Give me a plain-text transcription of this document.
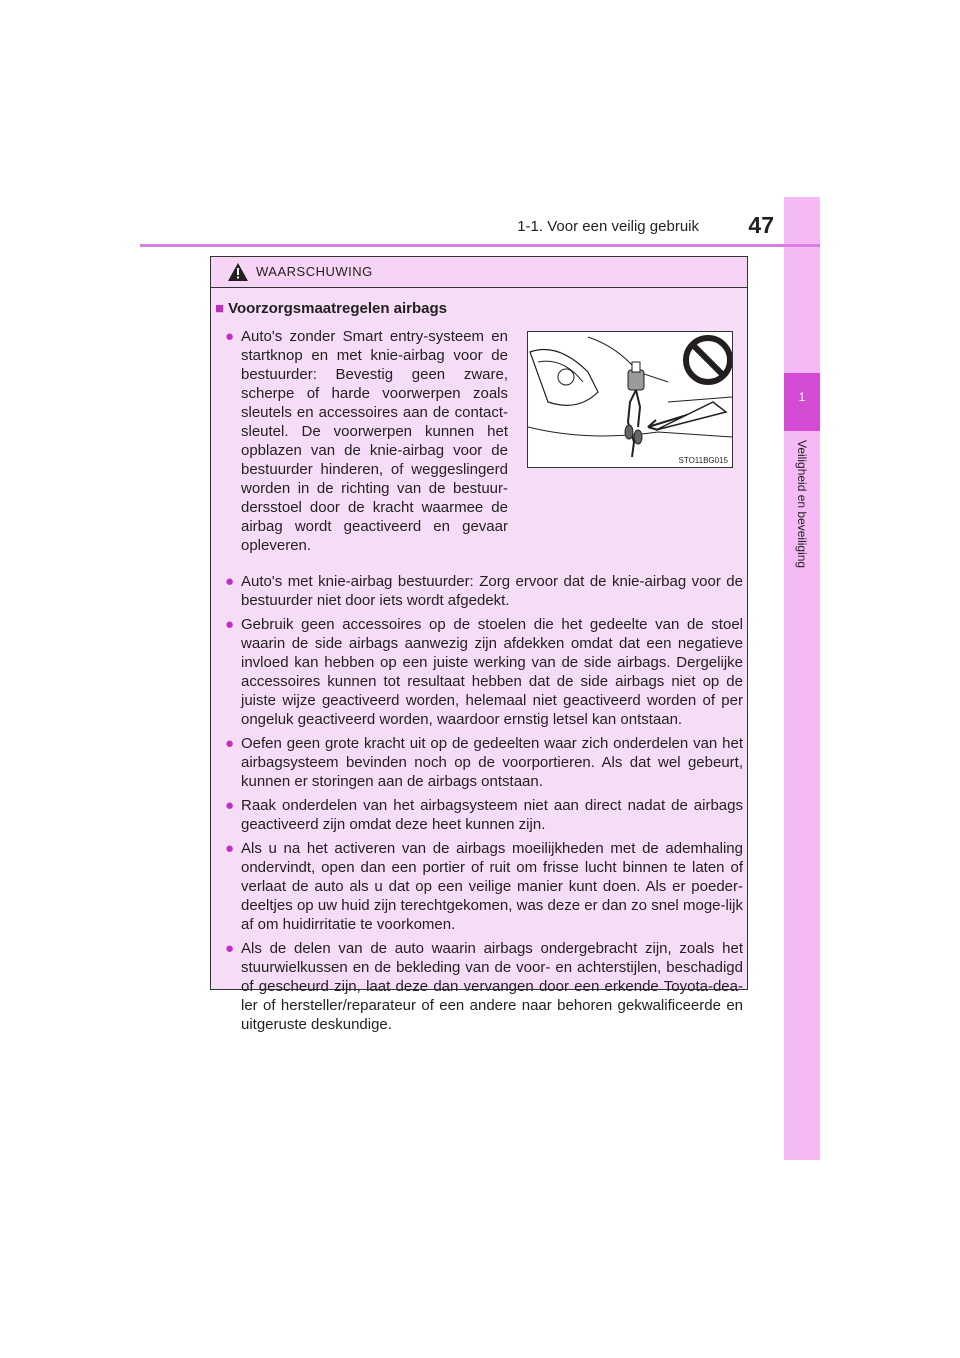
1
Veiligheid en beveiliging
1-1. Voor een veilig gebruik	47
WAARSCHUWING
■ Voorzorgsmaatregelen airbags
● Auto's zonder Smart entry-systeem en startknop en met knie-airbag voor de bestuurder: Bevestig geen zware, scherpe of harde voorwerpen zoals sleutels en accessoires aan de contact-sleutel. De voorwerpen kunnen het opblazen van de knie-airbag voor de bestuurder hinderen, of weggeslingerd worden in de richting van de bestuur-dersstoel door de kracht waarmee de airbag wordt geactiveerd en gevaar opleveren.
STO11BG015
● Auto's met knie-airbag bestuurder: Zorg ervoor dat de knie-airbag voor de bestuurder niet door iets wordt afgedekt.
● Gebruik geen accessoires op de stoelen die het gedeelte van de stoel waarin de side airbags aanwezig zijn afdekken omdat dat een negatieve invloed kan hebben op een juiste werking van de side airbags. Dergelijke accessoires kunnen tot resultaat hebben dat de side airbags niet op de juiste wijze geactiveerd worden, helemaal niet geactiveerd worden of per ongeluk geactiveerd worden, waardoor ernstig letsel kan ontstaan.
● Oefen geen grote kracht uit op de gedeelten waar zich onderdelen van het airbagsysteem bevinden noch op de voorportieren. Als dat wel gebeurt, kunnen er storingen aan de airbags ontstaan.
● Raak onderdelen van het airbagsysteem niet aan direct nadat de airbags geactiveerd zijn omdat deze heet kunnen zijn.
● Als u na het activeren van de airbags moeilijkheden met de ademhaling ondervindt, open dan een portier of ruit om frisse lucht binnen te laten of verlaat de auto als u dat op een veilige manier kunt doen. Als er poeder-deeltjes op uw huid zijn terechtgekomen, was deze er dan zo snel moge-lijk af om huidirritatie te voorkomen.
● Als de delen van de auto waarin airbags ondergebracht zijn, zoals het stuurwielkussen en de bekleding van de voor- en achterstijlen, beschadigd of gescheurd zijn, laat deze dan vervangen door een erkende Toyota-dea-ler of hersteller/reparateur of een andere naar behoren gekwalificeerde en uitgeruste deskundige.
